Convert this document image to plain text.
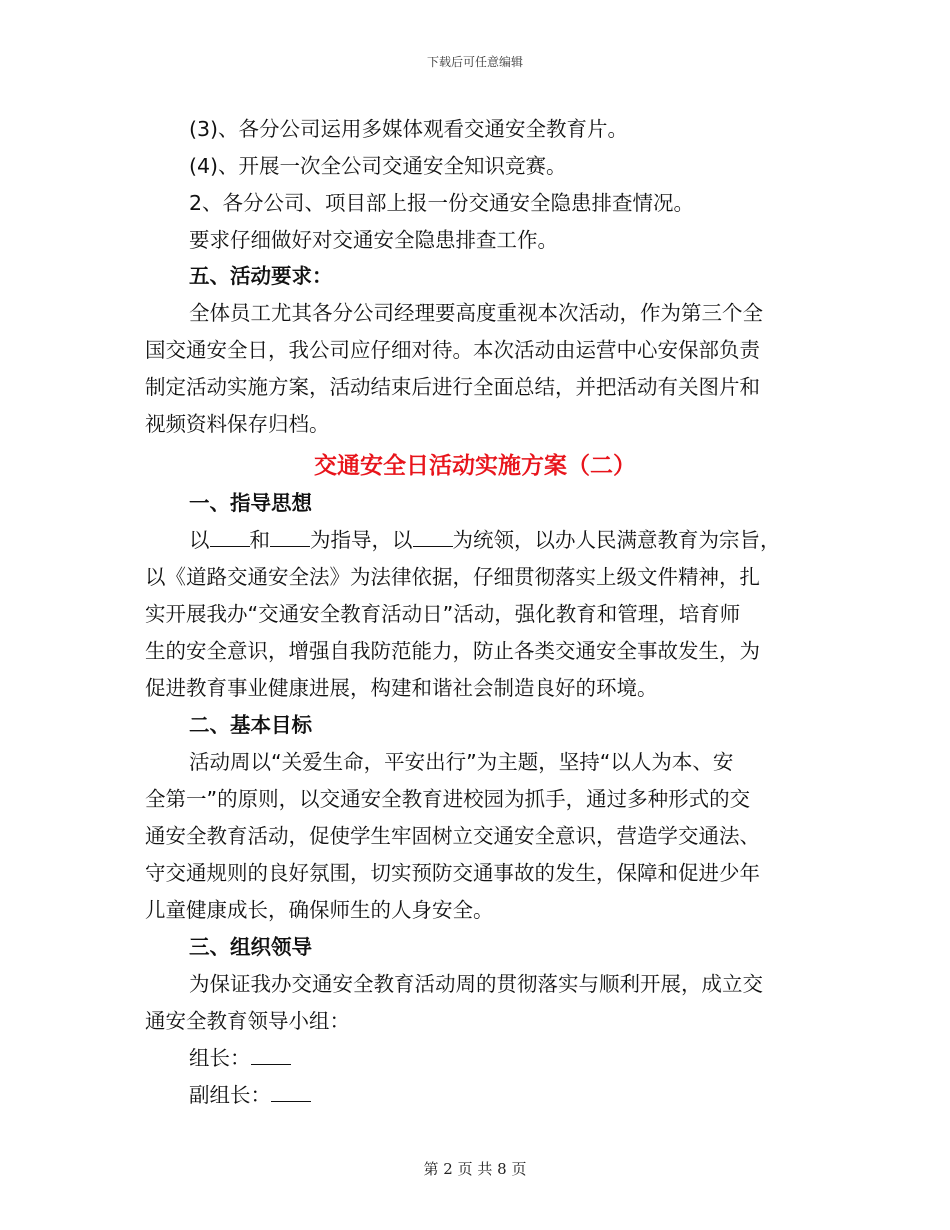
下载后可任意编辑
(3)、各分公司运用多媒体观看交通安全教育片。
(4)、开展一次全公司交通安全知识竞赛。
2、各分公司、项目部上报一份交通安全隐患排查情况。
要求仔细做好对交通安全隐患排查工作。
五、活动要求：
全体员工尤其各分公司经理要高度重视本次活动，作为第三个全
国交通安全日，我公司应仔细对待。本次活动由运营中心安保部负责
制定活动实施方案，活动结束后进行全面总结，并把活动有关图片和
视频资料保存归档。
交通安全日活动实施方案（二）
一、指导思想
以 和 为指导，以 为统领，以办人民满意教育为宗旨，
以《道路交通安全法》为法律依据，仔细贯彻落实上级文件精神，扎
实开展我办“交通安全教育活动日”活动，强化教育和管理，培育师
生的安全意识，增强自我防范能力，防止各类交通安全事故发生，为
促进教育事业健康进展，构建和谐社会制造良好的环境。
二、基本目标
活动周以“关爱生命，平安出行”为主题，坚持“以人为本、安
全第一”的原则，以交通安全教育进校园为抓手，通过多种形式的交
通安全教育活动，促使学生牢固树立交通安全意识，营造学交通法、
守交通规则的良好氛围，切实预防交通事故的发生，保障和促进少年
儿童健康成长，确保师生的人身安全。
三、组织领导
为保证我办交通安全教育活动周的贯彻落实与顺利开展，成立交
通安全教育领导小组：
组长：
副组长：
第 2 页 共 8 页
